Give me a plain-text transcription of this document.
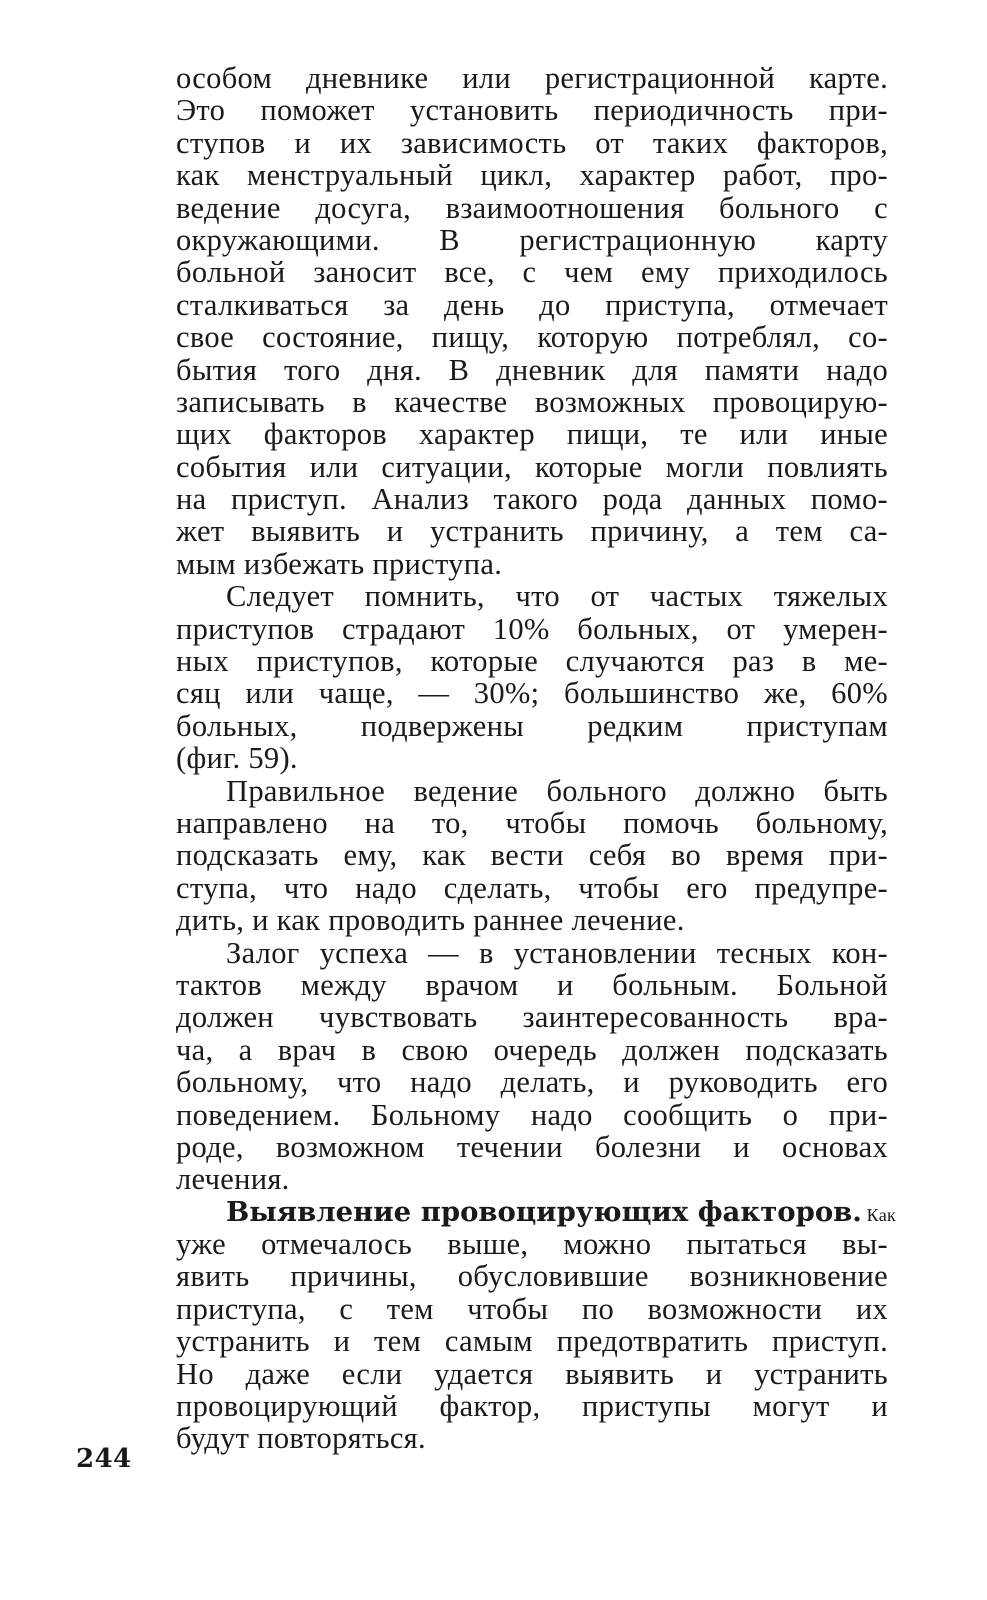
особом дневнике или регистрационной карте.
Это поможет установить периодичность при-
ступов и их зависимость от таких факторов,
как менструальный цикл, характер работ, про-
ведение досуга, взаимоотношения больного с
окружающими. В регистрационную карту
больной заносит все, с чем ему приходилось
сталкиваться за день до приступа, отмечает
свое состояние, пищу, которую потреблял, со-
бытия того дня. В дневник для памяти надо
записывать в качестве возможных провоцирую-
щих факторов характер пищи, те или иные
события или ситуации, которые могли повлиять
на приступ. Анализ такого рода данных помо-
жет выявить и устранить причину, а тем са-
мым избежать приступа.
Следует помнить, что от частых тяжелых
приступов страдают 10% больных, от умерен-
ных приступов, которые случаются раз в ме-
сяц или чаще, — 30%; большинство же, 60%
больных, подвержены редким приступам
(фиг. 59).
Правильное ведение больного должно быть
направлено на то, чтобы помочь больному,
подсказать ему, как вести себя во время при-
ступа, что надо сделать, чтобы его предупре-
дить, и как проводить раннее лечение.
Залог успеха — в установлении тесных кон-
тактов между врачом и больным. Больной
должен чувствовать заинтересованность вра-
ча, а врач в свою очередь должен подсказать
больному, что надо делать, и руководить его
поведением. Больному надо сообщить о при-
роде, возможном течении болезни и основах
лечения.
Выявление провоцирующих факторов. Как
уже отмечалось выше, можно пытаться вы-
явить причины, обусловившие возникновение
приступа, с тем чтобы по возможности их
устранить и тем самым предотвратить приступ.
Но даже если удается выявить и устранить
провоцирующий фактор, приступы могут и
будут повторяться.
244
